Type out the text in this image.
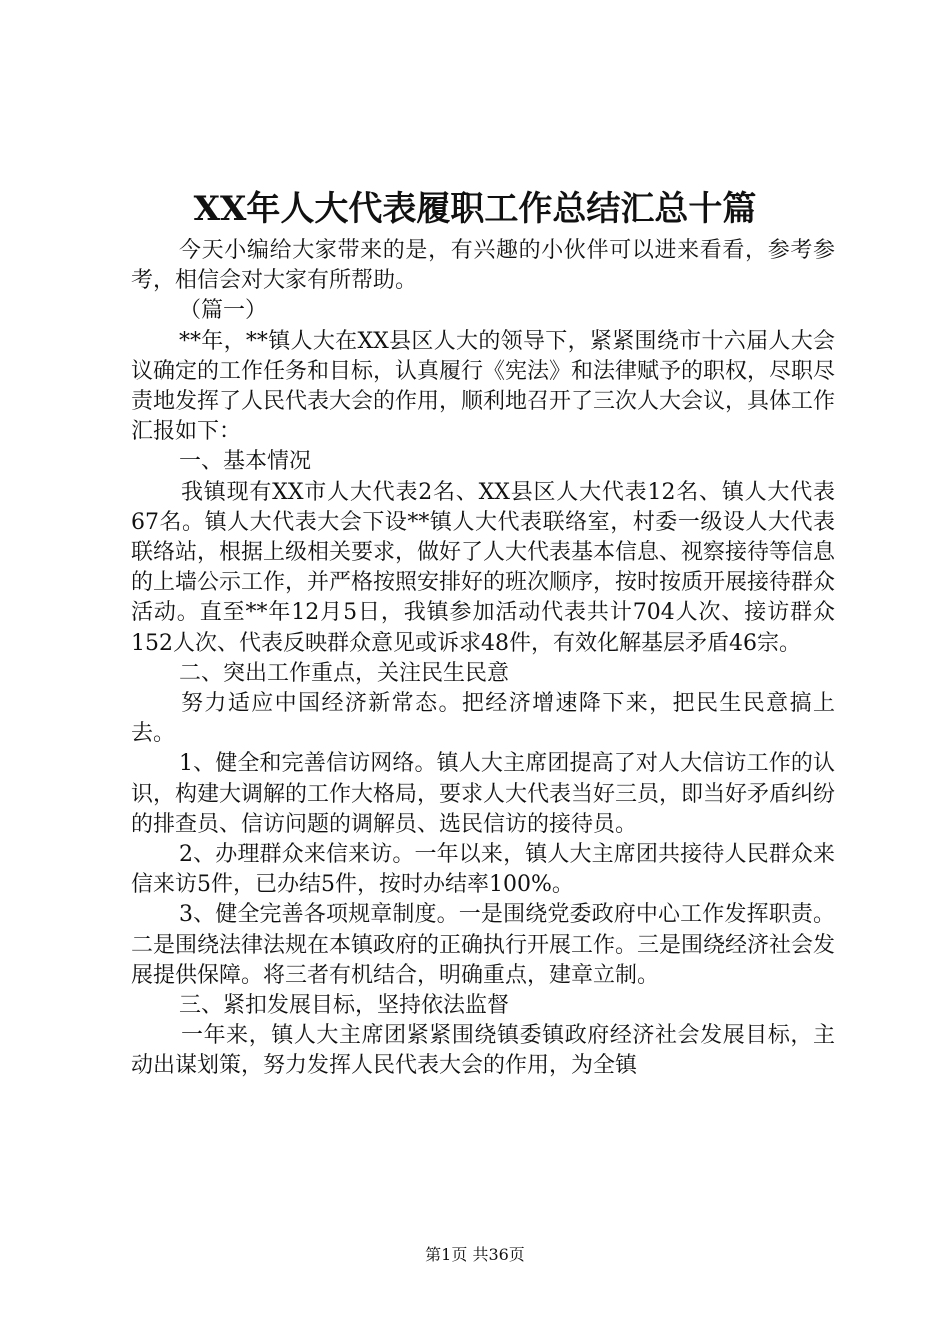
XX年人大代表履职工作总结汇总十篇

今天小编给大家带来的是，有兴趣的小伙伴可以进来看看，参考参考，相信会对大家有所帮助。

（篇一）

**年，**镇人大在XX县区人大的领导下，紧紧围绕市十六届人大会议确定的工作任务和目标，认真履行《宪法》和法律赋予的职权，尽职尽责地发挥了人民代表大会的作用，顺利地召开了三次人大会议，具体工作汇报如下：

一、基本情况

我镇现有XX市人大代表2名、XX县区人大代表12名、镇人大代表67名。镇人大代表大会下设**镇人大代表联络室，村委一级设人大代表联络站，根据上级相关要求，做好了人大代表基本信息、视察接待等信息的上墙公示工作，并严格按照安排好的班次顺序，按时按质开展接待群众活动。直至**年12月5日，我镇参加活动代表共计704人次、接访群众152人次、代表反映群众意见或诉求48件，有效化解基层矛盾46宗。

二、突出工作重点，关注民生民意

努力适应中国经济新常态。把经济增速降下来，把民生民意搞上去。

1、健全和完善信访网络。镇人大主席团提高了对人大信访工作的认识，构建大调解的工作大格局，要求人大代表当好三员，即当好矛盾纠纷的排查员、信访问题的调解员、选民信访的接待员。

2、办理群众来信来访。一年以来，镇人大主席团共接待人民群众来信来访5件，已办结5件，按时办结率100%。

3、健全完善各项规章制度。一是围绕党委政府中心工作发挥职责。二是围绕法律法规在本镇政府的正确执行开展工作。三是围绕经济社会发展提供保障。将三者有机结合，明确重点，建章立制。

三、紧扣发展目标，坚持依法监督

一年来，镇人大主席团紧紧围绕镇委镇政府经济社会发展目标，主动出谋划策，努力发挥人民代表大会的作用，为全镇

第1页 共36页
